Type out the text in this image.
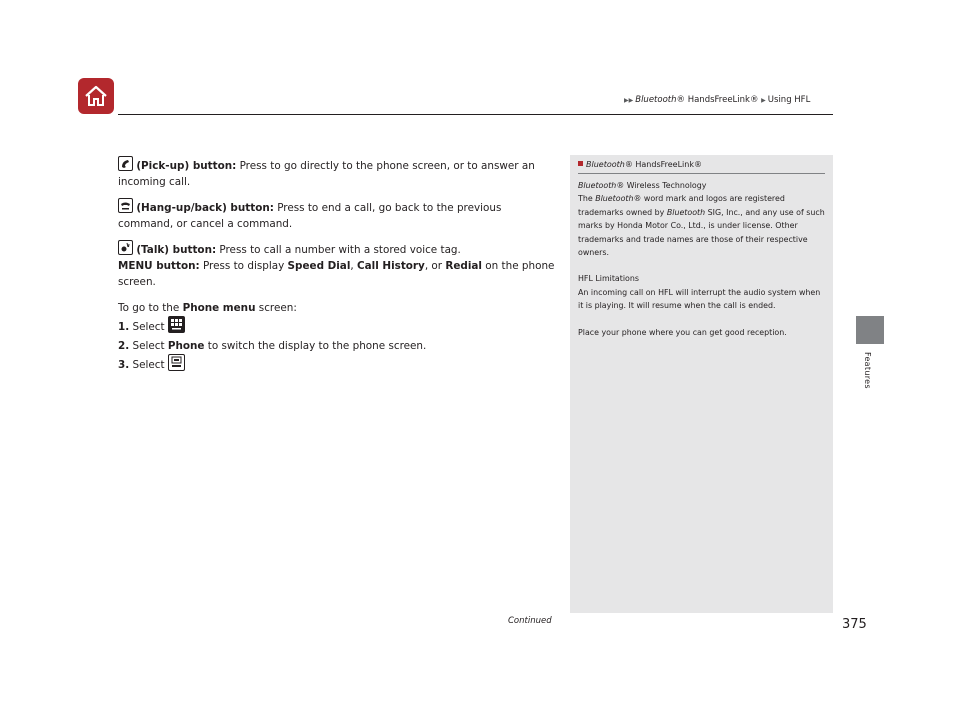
▶▶ Bluetooth® HandsFreeLink® ▶ Using HFL
Features

(Pick-up) button: Press to go directly to the phone screen, or to answer an incoming call.

(Hang-up/back) button: Press to end a call, go back to the previous command, or cancel a command.

(Talk) button: Press to call a number with a stored voice tag.

MENU button: Press to display Speed Dial, Call History, or Redial on the phone screen.

To go to the Phone menu screen:

1. Select

2. Select Phone to switch the display to the phone screen.

3. Select

Bluetooth® HandsFreeLink®

Bluetooth® Wireless Technology

The Bluetooth® word mark and logos are registered trademarks owned by Bluetooth SIG, Inc., and any use of such marks by Honda Motor Co., Ltd., is under license. Other trademarks and trade names are those of their respective owners.

HFL Limitations

An incoming call on HFL will interrupt the audio system when it is playing. It will resume when the call is ended.

Place your phone where you can get good reception.

Continued	375
